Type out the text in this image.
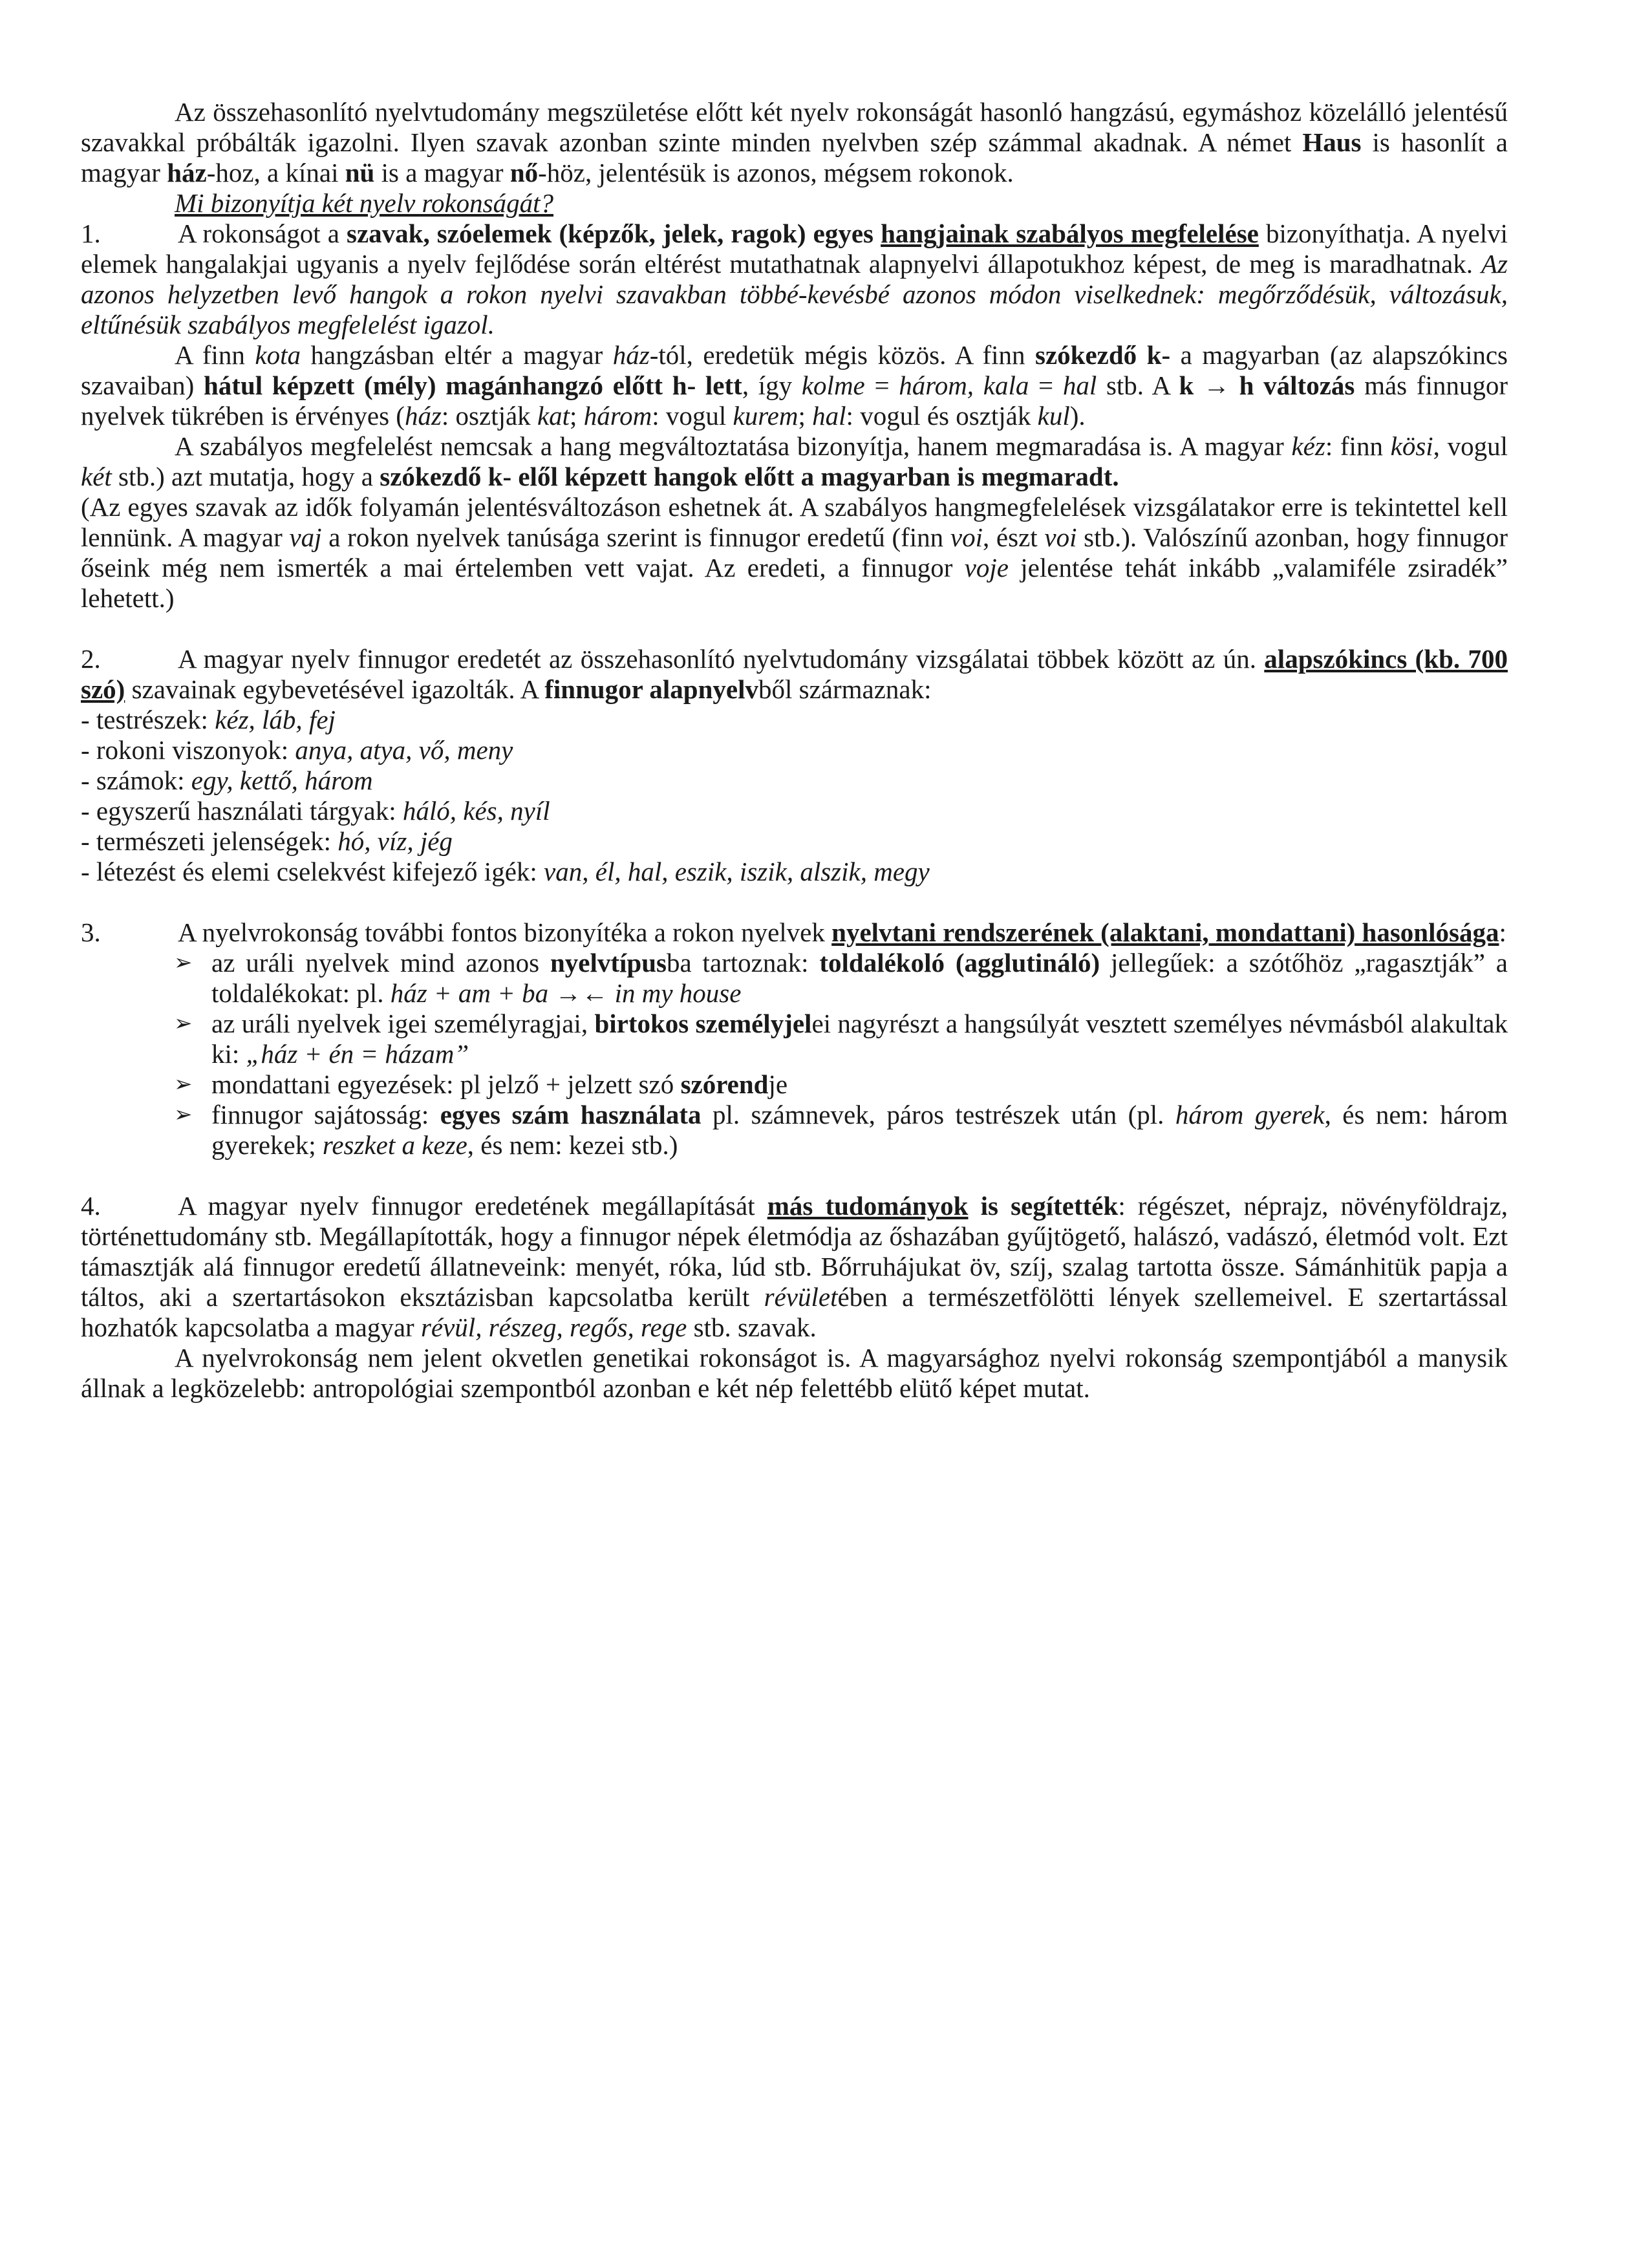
Az összehasonlító nyelvtudomány megszületése előtt két nyelv rokonságát hasonló hangzású, egymáshoz közelálló jelentésű szavakkal próbálták igazolni. Ilyen szavak azonban szinte minden nyelvben szép számmal akadnak. A német Haus is hasonlít a magyar ház-hoz, a kínai nü is a magyar nő-höz, jelentésük is azonos, mégsem rokonok.

Mi bizonyítja két nyelv rokonságát?

1.	A rokonságot a szavak, szóelemek (képzők, jelek, ragok) egyes hangjainak szabályos megfelelése bizonyíthatja. A nyelvi elemek hangalakjai ugyanis a nyelv fejlődése során eltérést mutathatnak alapnyelvi állapotukhoz képest, de meg is maradhatnak. Az azonos helyzetben levő hangok a rokon nyelvi szavakban többé-kevésbé azonos módon viselkednek: megőrződésük, változásuk, eltűnésük szabályos megfelelést igazol.

A finn kota hangzásban eltér a magyar ház-tól, eredetük mégis közös. A finn szókezdő k- a magyarban (az alapszókincs szavaiban) hátul képzett (mély) magánhangzó előtt h- lett, így kolme = három, kala = hal stb. A k → h változás más finnugor nyelvek tükrében is érvényes (ház: osztják kat; három: vogul kurem; hal: vogul és osztják kul).

A szabályos megfelelést nemcsak a hang megváltoztatása bizonyítja, hanem megmaradása is. A magyar kéz: finn kösi, vogul két stb.) azt mutatja, hogy a szókezdő k- elől képzett hangok előtt a magyarban is megmaradt.

(Az egyes szavak az idők folyamán jelentésváltozáson eshetnek át. A szabályos hangmegfelelések vizsgálatakor erre is tekintettel kell lennünk. A magyar vaj a rokon nyelvek tanúsága szerint is finnugor eredetű (finn voi, észt voi stb.). Valószínű azonban, hogy finnugor őseink még nem ismerték a mai értelemben vett vajat. Az eredeti, a finnugor voje jelentése tehát inkább „valamiféle zsiradék” lehetett.)

2.	A magyar nyelv finnugor eredetét az összehasonlító nyelvtudomány vizsgálatai többek között az ún. alapszókincs (kb. 700 szó) szavainak egybevetésével igazolták. A finnugor alapnyelvből származnak:

- testrészek: kéz, láb, fej
- rokoni viszonyok: anya, atya, vő, meny
- számok: egy, kettő, három
- egyszerű használati tárgyak: háló, kés, nyíl
- természeti jelenségek: hó, víz, jég
- létezést és elemi cselekvést kifejező igék: van, él, hal, eszik, iszik, alszik, megy

3.	A nyelvrokonság további fontos bizonyítéka a rokon nyelvek nyelvtani rendszerének (alaktani, mondattani) hasonlósága:

➢ az uráli nyelvek mind azonos nyelvtípusba tartoznak: toldalékoló (agglutináló) jellegűek: a szótőhöz „ragasztják” a toldalékokat: pl. ház + am + ba →← in my house
➢ az uráli nyelvek igei személyragjai, birtokos személyjelei nagyrészt a hangsúlyát vesztett személyes névmásból alakultak ki: „ház + én = házam”
➢ mondattani egyezések: pl jelző + jelzett szó szórendje
➢ finnugor sajátosság: egyes szám használata pl. számnevek, páros testrészek után (pl. három gyerek, és nem: három gyerekek; reszket a keze, és nem: kezei stb.)

4.	A magyar nyelv finnugor eredetének megállapítását más tudományok is segítették: régészet, néprajz, növényföldrajz, történettudomány stb. Megállapították, hogy a finnugor népek életmódja az őshazában gyűjtögető, halászó, vadászó, életmód volt. Ezt támasztják alá finnugor eredetű állatneveink: menyét, róka, lúd stb. Bőrruhájukat öv, szíj, szalag tartotta össze. Sámánhitük papja a táltos, aki a szertartásokon eksztázisban kapcsolatba került révületében a természetfölötti lények szellemeivel. E szertartással hozhatók kapcsolatba a magyar révül, részeg, regős, rege stb. szavak.

A nyelvrokonság nem jelent okvetlen genetikai rokonságot is. A magyarsághoz nyelvi rokonság szempontjából a manysik állnak a legközelebb: antropológiai szempontból azonban e két nép felettébb elütő képet mutat.
